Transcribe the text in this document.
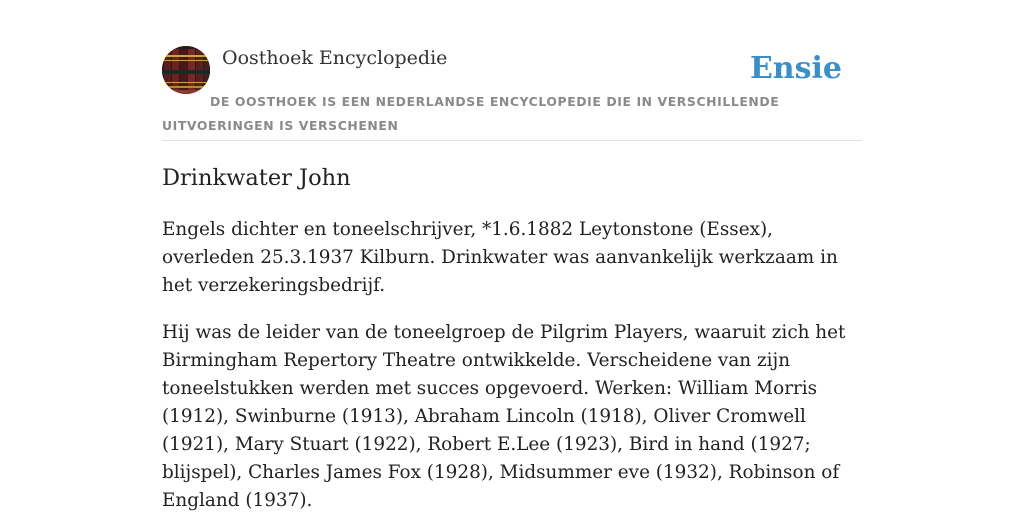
Oosthoek Encyclopedie	Ensie
DE OOSTHOEK IS EEN NEDERLANDSE ENCYCLOPEDIE DIE IN VERSCHILLENDE UITVOERINGEN IS VERSCHENEN
Drinkwater John

Engels dichter en toneelschrijver, *1.6.1882 Leytonstone (Essex), overleden 25.3.1937 Kilburn. Drinkwater was aanvankelijk werkzaam in het verzekeringsbedrijf.

Hij was de leider van de toneelgroep de Pilgrim Players, waaruit zich het Birmingham Repertory Theatre ontwikkelde. Verscheidene van zijn toneelstukken werden met succes opgevoerd. Werken: William Morris (1912), Swinburne (1913), Abraham Lincoln (1918), Oliver Cromwell (1921), Mary Stuart (1922), Robert E.Lee (1923), Bird in hand (1927; blijspel), Charles James Fox (1928), Midsummer eve (1932), Robinson of England (1937).
